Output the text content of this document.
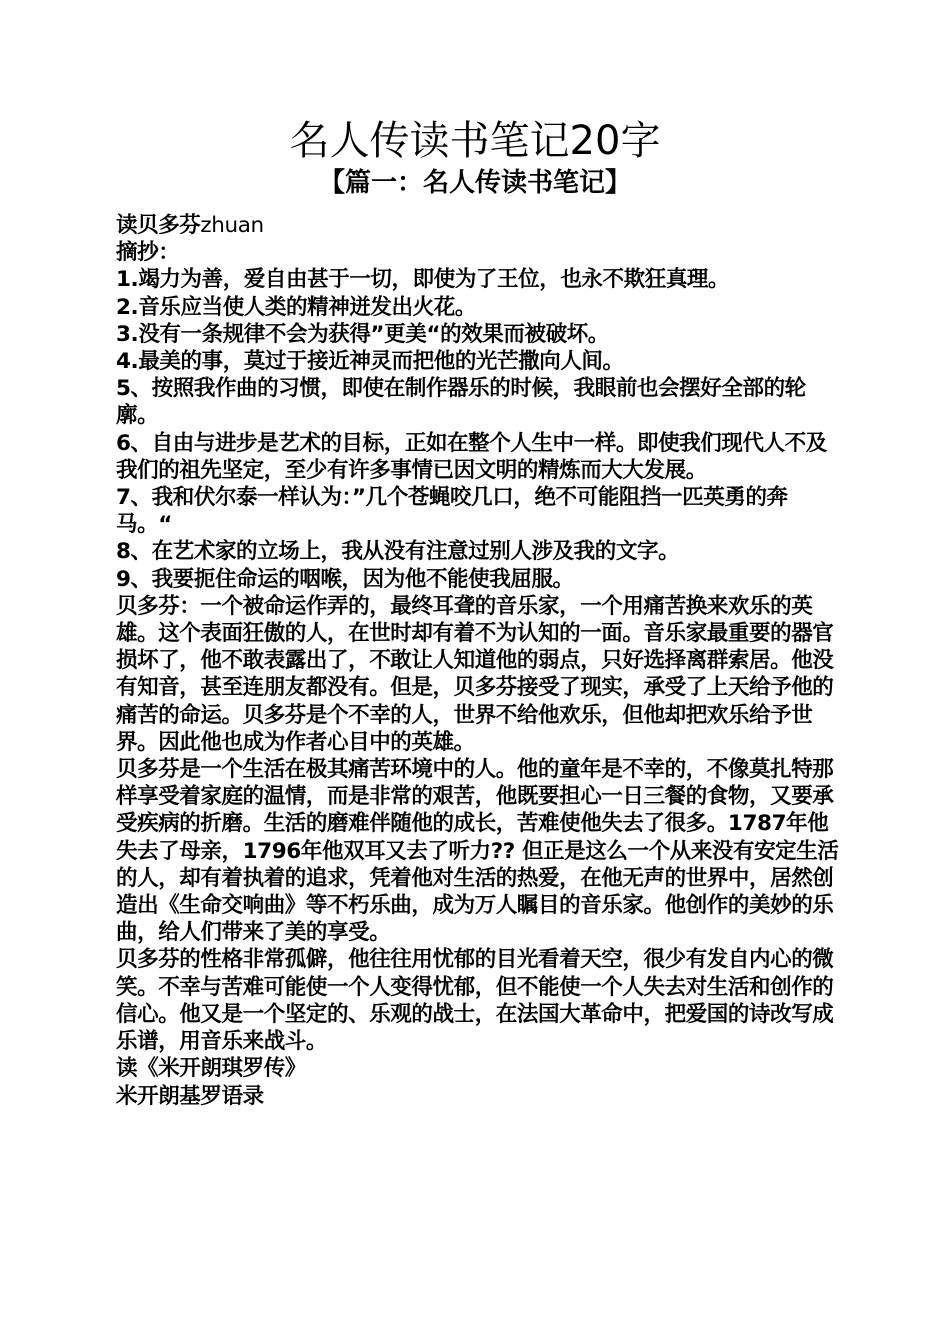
名人传读书笔记20字
【篇一：名人传读书笔记】

读贝多芬zhuan

摘抄：

1.竭力为善，爱自由甚于一切，即使为了王位，也永不欺狂真理。

2.音乐应当使人类的精神迸发出火花。

3.没有一条规律不会为获得”更美“的效果而被破坏。

4.最美的事，莫过于接近神灵而把他的光芒撒向人间。

5、按照我作曲的习惯，即使在制作器乐的时候，我眼前也会摆好全部的轮廓。

6、自由与进步是艺术的目标，正如在整个人生中一样。即使我们现代人不及我们的祖先坚定，至少有许多事情已因文明的精炼而大大发展。

7、我和伏尔泰一样认为：”几个苍蝇咬几口，绝不可能阻挡一匹英勇的奔马。“

8、在艺术家的立场上，我从没有注意过别人涉及我的文字。

9、我要扼住命运的咽喉，因为他不能使我屈服。

贝多芬：一个被命运作弄的，最终耳聋的音乐家，一个用痛苦换来欢乐的英雄。这个表面狂傲的人，在世时却有着不为认知的一面。音乐家最重要的器官损坏了，他不敢表露出了，不敢让人知道他的弱点，只好选择离群索居。他没有知音，甚至连朋友都没有。但是，贝多芬接受了现实，承受了上天给予他的痛苦的命运。贝多芬是个不幸的人，世界不给他欢乐，但他却把欢乐给予世界。因此他也成为作者心目中的英雄。

贝多芬是一个生活在极其痛苦环境中的人。他的童年是不幸的，不像莫扎特那样享受着家庭的温情，而是非常的艰苦，他既要担心一日三餐的食物，又要承受疾病的折磨。生活的磨难伴随他的成长，苦难使他失去了很多。1787年他失去了母亲，1796年他双耳又去了听力?? 但正是这么一个从来没有安定生活的人，却有着执着的追求，凭着他对生活的热爱，在他无声的世界中，居然创造出《生命交响曲》等不朽乐曲，成为万人瞩目的音乐家。他创作的美妙的乐曲，给人们带来了美的享受。

贝多芬的性格非常孤僻，他往往用忧郁的目光看着天空，很少有发自内心的微笑。不幸与苦难可能使一个人变得忧郁，但不能使一个人失去对生活和创作的信心。他又是一个坚定的、乐观的战士，在法国大革命中，把爱国的诗改写成乐谱，用音乐来战斗。

读《米开朗琪罗传》

米开朗基罗语录
